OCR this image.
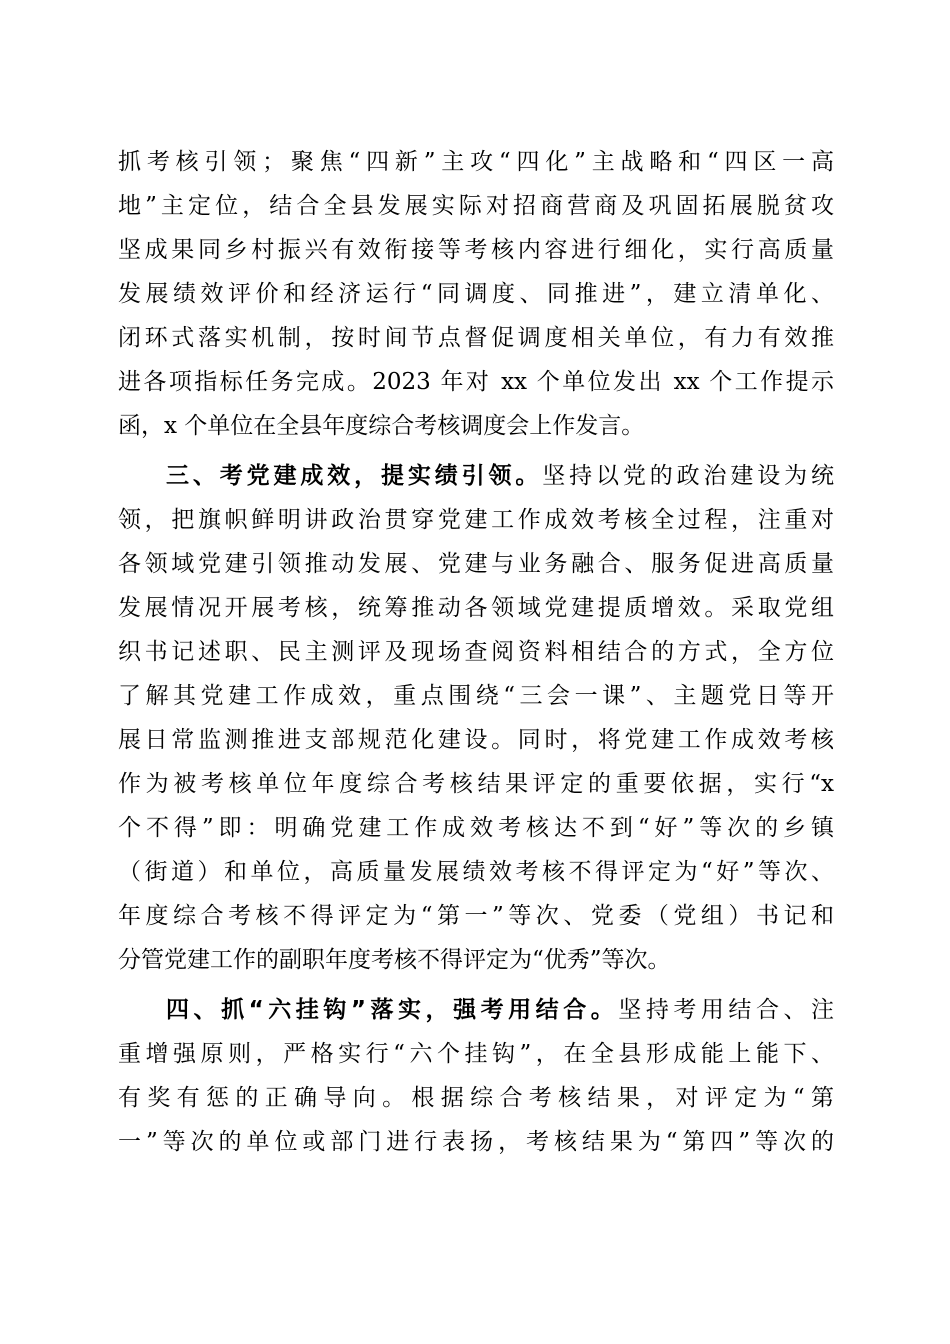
抓考核引领；聚焦“四新”主攻“四化”主战略和“四区一高
地”主定位，结合全县发展实际对招商营商及巩固拓展脱贫攻
坚成果同乡村振兴有效衔接等考核内容进行细化，实行高质量
发展绩效评价和经济运行“同调度、同推进”，建立清单化、
闭环式落实机制，按时间节点督促调度相关单位，有力有效推
进各项指标任务完成。2023 年对 xx 个单位发出 xx 个工作提示
函，x 个单位在全县年度综合考核调度会上作发言。
三、考党建成效，提实绩引领。坚持以党的政治建设为统
领，把旗帜鲜明讲政治贯穿党建工作成效考核全过程，注重对
各领域党建引领推动发展、党建与业务融合、服务促进高质量
发展情况开展考核，统筹推动各领域党建提质增效。采取党组
织书记述职、民主测评及现场查阅资料相结合的方式，全方位
了解其党建工作成效，重点围绕“三会一课”、主题党日等开
展日常监测推进支部规范化建设。同时，将党建工作成效考核
作为被考核单位年度综合考核结果评定的重要依据，实行“x
个不得”即：明确党建工作成效考核达不到“好”等次的乡镇
（街道）和单位，高质量发展绩效考核不得评定为“好”等次、
年度综合考核不得评定为“第一”等次、党委（党组）书记和
分管党建工作的副职年度考核不得评定为“优秀”等次。
四、抓“六挂钩”落实，强考用结合。坚持考用结合、注
重增强原则，严格实行“六个挂钩”，在全县形成能上能下、
有奖有惩的正确导向。根据综合考核结果，对评定为“第
一”等次的单位或部门进行表扬，考核结果为“第四”等次的
